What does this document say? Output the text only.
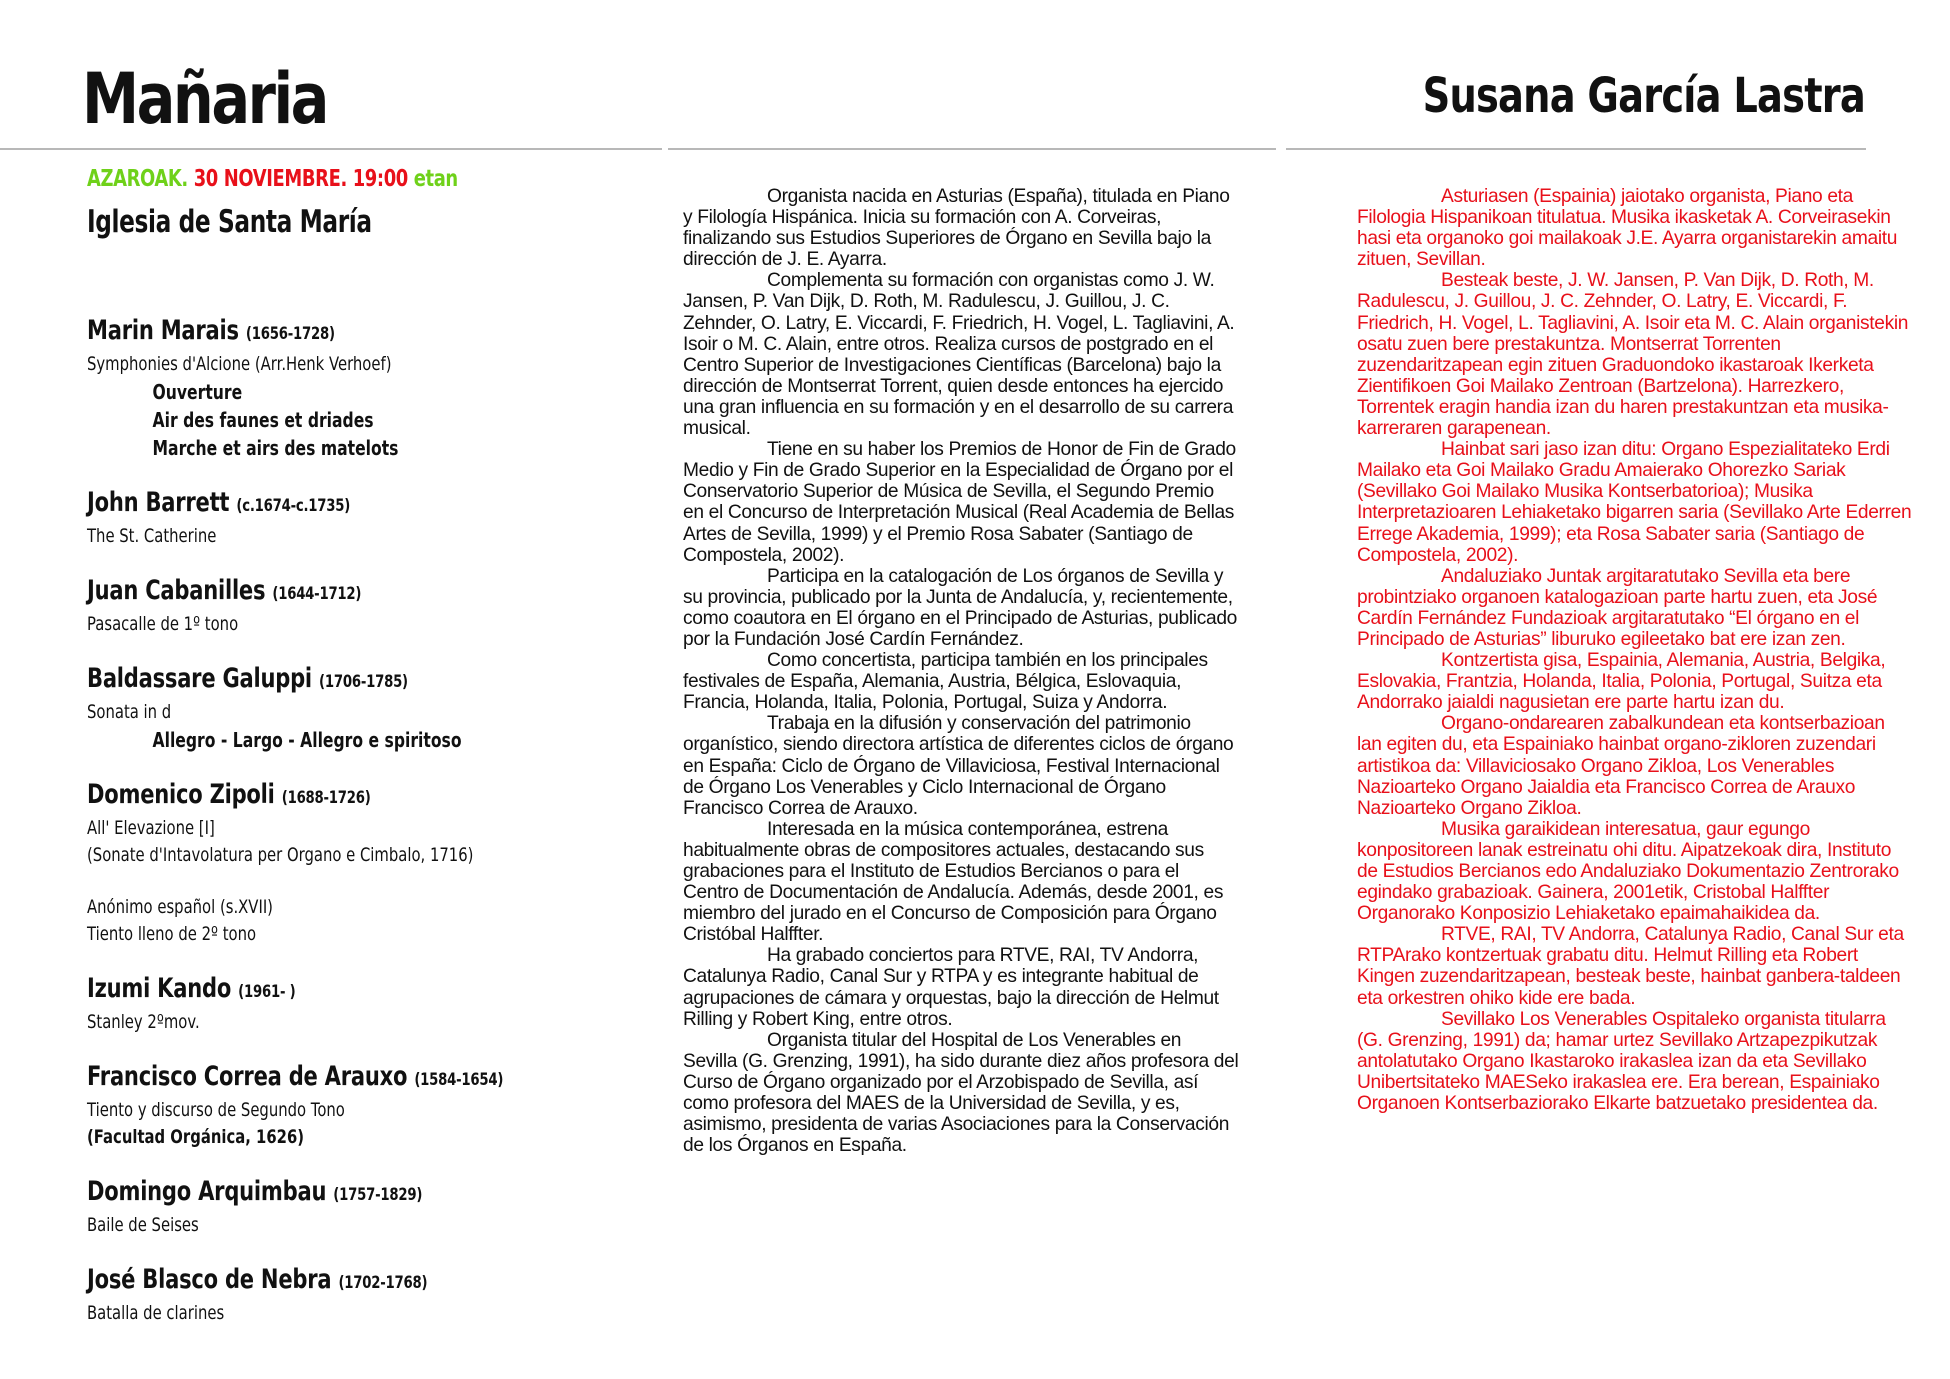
Mañaria	Susana García Lastra
AZAROAK. 30 NOVIEMBRE. 19:00 etan
Iglesia de Santa María
Marin Marais (1656-1728)
Symphonies d'Alcione (Arr.Henk Verhoef)
Ouverture
Air des faunes et driades
Marche et airs des matelots
John Barrett (c.1674-c.1735)
The St. Catherine
Juan Cabanilles (1644-1712)
Pasacalle de 1º tono
Baldassare Galuppi (1706-1785)
Sonata in d
Allegro - Largo - Allegro e spiritoso
Domenico Zipoli (1688-1726)
All' Elevazione [I]
(Sonate d'Intavolatura per Organo e Cimbalo, 1716)
Anónimo español (s.XVII)
Tiento lleno de 2º tono
Izumi Kando (1961- )
Stanley 2ºmov.
Francisco Correa de Arauxo (1584-1654)
Tiento y discurso de Segundo Tono
(Facultad Orgánica, 1626)
Domingo Arquimbau (1757-1829)
Baile de Seises
José Blasco de Nebra (1702-1768)
Batalla de clarines

Organista nacida en Asturias (España), titulada en Piano y Filología Hispánica. Inicia su formación con A. Corveiras, finalizando sus Estudios Superiores de Órgano en Sevilla bajo la dirección de J. E. Ayarra.

Complementa su formación con organistas como J. W. Jansen, P. Van Dijk, D. Roth, M. Radulescu, J. Guillou, J. C. Zehnder, O. Latry, E. Viccardi, F. Friedrich, H. Vogel, L. Tagliavini, A. Isoir o M. C. Alain, entre otros. Realiza cursos de postgrado en el Centro Superior de Investigaciones Científicas (Barcelona) bajo la dirección de Montserrat Torrent, quien desde entonces ha ejercido una gran influencia en su formación y en el desarrollo de su carrera musical.

Tiene en su haber los Premios de Honor de Fin de Grado Medio y Fin de Grado Superior en la Especialidad de Órgano por el Conservatorio Superior de Música de Sevilla, el Segundo Premio en el Concurso de Interpretación Musical (Real Academia de Bellas Artes de Sevilla, 1999) y el Premio Rosa Sabater (Santiago de Compostela, 2002).

Participa en la catalogación de Los órganos de Sevilla y su provincia, publicado por la Junta de Andalucía, y, recientemente, como coautora en El órgano en el Principado de Asturias, publicado por la Fundación José Cardín Fernández.

Como concertista, participa también en los principales festivales de España, Alemania, Austria, Bélgica, Eslovaquia, Francia, Holanda, Italia, Polonia, Portugal, Suiza y Andorra.

Trabaja en la difusión y conservación del patrimonio organístico, siendo directora artística de diferentes ciclos de órgano en España: Ciclo de Órgano de Villaviciosa, Festival Internacional de Órgano Los Venerables y Ciclo Internacional de Órgano Francisco Correa de Arauxo.

Interesada en la música contemporánea, estrena habitualmente obras de compositores actuales, destacando sus grabaciones para el Instituto de Estudios Bercianos o para el Centro de Documentación de Andalucía. Además, desde 2001, es miembro del jurado en el Concurso de Composición para Órgano Cristóbal Halffter.

Ha grabado conciertos para RTVE, RAI, TV Andorra, Catalunya Radio, Canal Sur y RTPA y es integrante habitual de agrupaciones de cámara y orquestas, bajo la dirección de Helmut Rilling y Robert King, entre otros.

Organista titular del Hospital de Los Venerables en Sevilla (G. Grenzing, 1991), ha sido durante diez años profesora del Curso de Órgano organizado por el Arzobispado de Sevilla, así como profesora del MAES de la Universidad de Sevilla, y es, asimismo, presidenta de varias Asociaciones para la Conservación de los Órganos en España.

Asturiasen (Espainia) jaiotako organista, Piano eta Filologia Hispanikoan titulatua. Musika ikasketak A. Corveirasekin hasi eta organoko goi mailakoak J.E. Ayarra organistarekin amaitu zituen, Sevillan.

Besteak beste, J. W. Jansen, P. Van Dijk, D. Roth, M. Radulescu, J. Guillou, J. C. Zehnder, O. Latry, E. Viccardi, F. Friedrich, H. Vogel, L. Tagliavini, A. Isoir eta M. C. Alain organistekin osatu zuen bere prestakuntza. Montserrat Torrenten zuzendaritzapean egin zituen Graduondoko ikastaroak Ikerketa Zientifikoen Goi Mailako Zentroan (Bartzelona). Harrezkero, Torrentek eragin handia izan du haren prestakuntzan eta musika-karreraren garapenean.

Hainbat sari jaso izan ditu: Organo Espezialitateko Erdi Mailako eta Goi Mailako Gradu Amaierako Ohorezko Sariak (Sevillako Goi Mailako Musika Kontserbatorioa); Musika Interpretazioaren Lehiaketako bigarren saria (Sevillako Arte Ederren Errege Akademia, 1999); eta Rosa Sabater saria (Santiago de Compostela, 2002).

Andaluziako Juntak argitaratutako Sevilla eta bere probintziako organoen katalogazioan parte hartu zuen, eta José Cardín Fernández Fundazioak argitaratutako “El órgano en el Principado de Asturias” liburuko egileetako bat ere izan zen.

Kontzertista gisa, Espainia, Alemania, Austria, Belgika, Eslovakia, Frantzia, Holanda, Italia, Polonia, Portugal, Suitza eta Andorrako jaialdi nagusietan ere parte hartu izan du.

Organo-ondarearen zabalkundean eta kontserbazioan lan egiten du, eta Espainiako hainbat organo-zikloren zuzendari artistikoa da: Villaviciosako Organo Zikloa, Los Venerables Nazioarteko Organo Jaialdia eta Francisco Correa de Arauxo Nazioarteko Organo Zikloa.

Musika garaikidean interesatua, gaur egungo konpositoreen lanak estreinatu ohi ditu. Aipatzekoak dira, Instituto de Estudios Bercianos edo Andaluziako Dokumentazio Zentrorako egindako grabazioak. Gainera, 2001etik, Cristobal Halffter Organorako Konposizio Lehiaketako epaimahaikidea da.

RTVE, RAI, TV Andorra, Catalunya Radio, Canal Sur eta RTPArako kontzertuak grabatu ditu. Helmut Rilling eta Robert Kingen zuzendaritzapean, besteak beste, hainbat ganbera-taldeen eta orkestren ohiko kide ere bada.

Sevillako Los Venerables Ospitaleko organista titularra (G. Grenzing, 1991) da; hamar urtez Sevillako Artzapezpikutzak antolatutako Organo Ikastaroko irakaslea izan da eta Sevillako Unibertsitateko MAESeko irakaslea ere. Era berean, Espainiako Organoen Kontserbaziorako Elkarte batzuetako presidentea da.
